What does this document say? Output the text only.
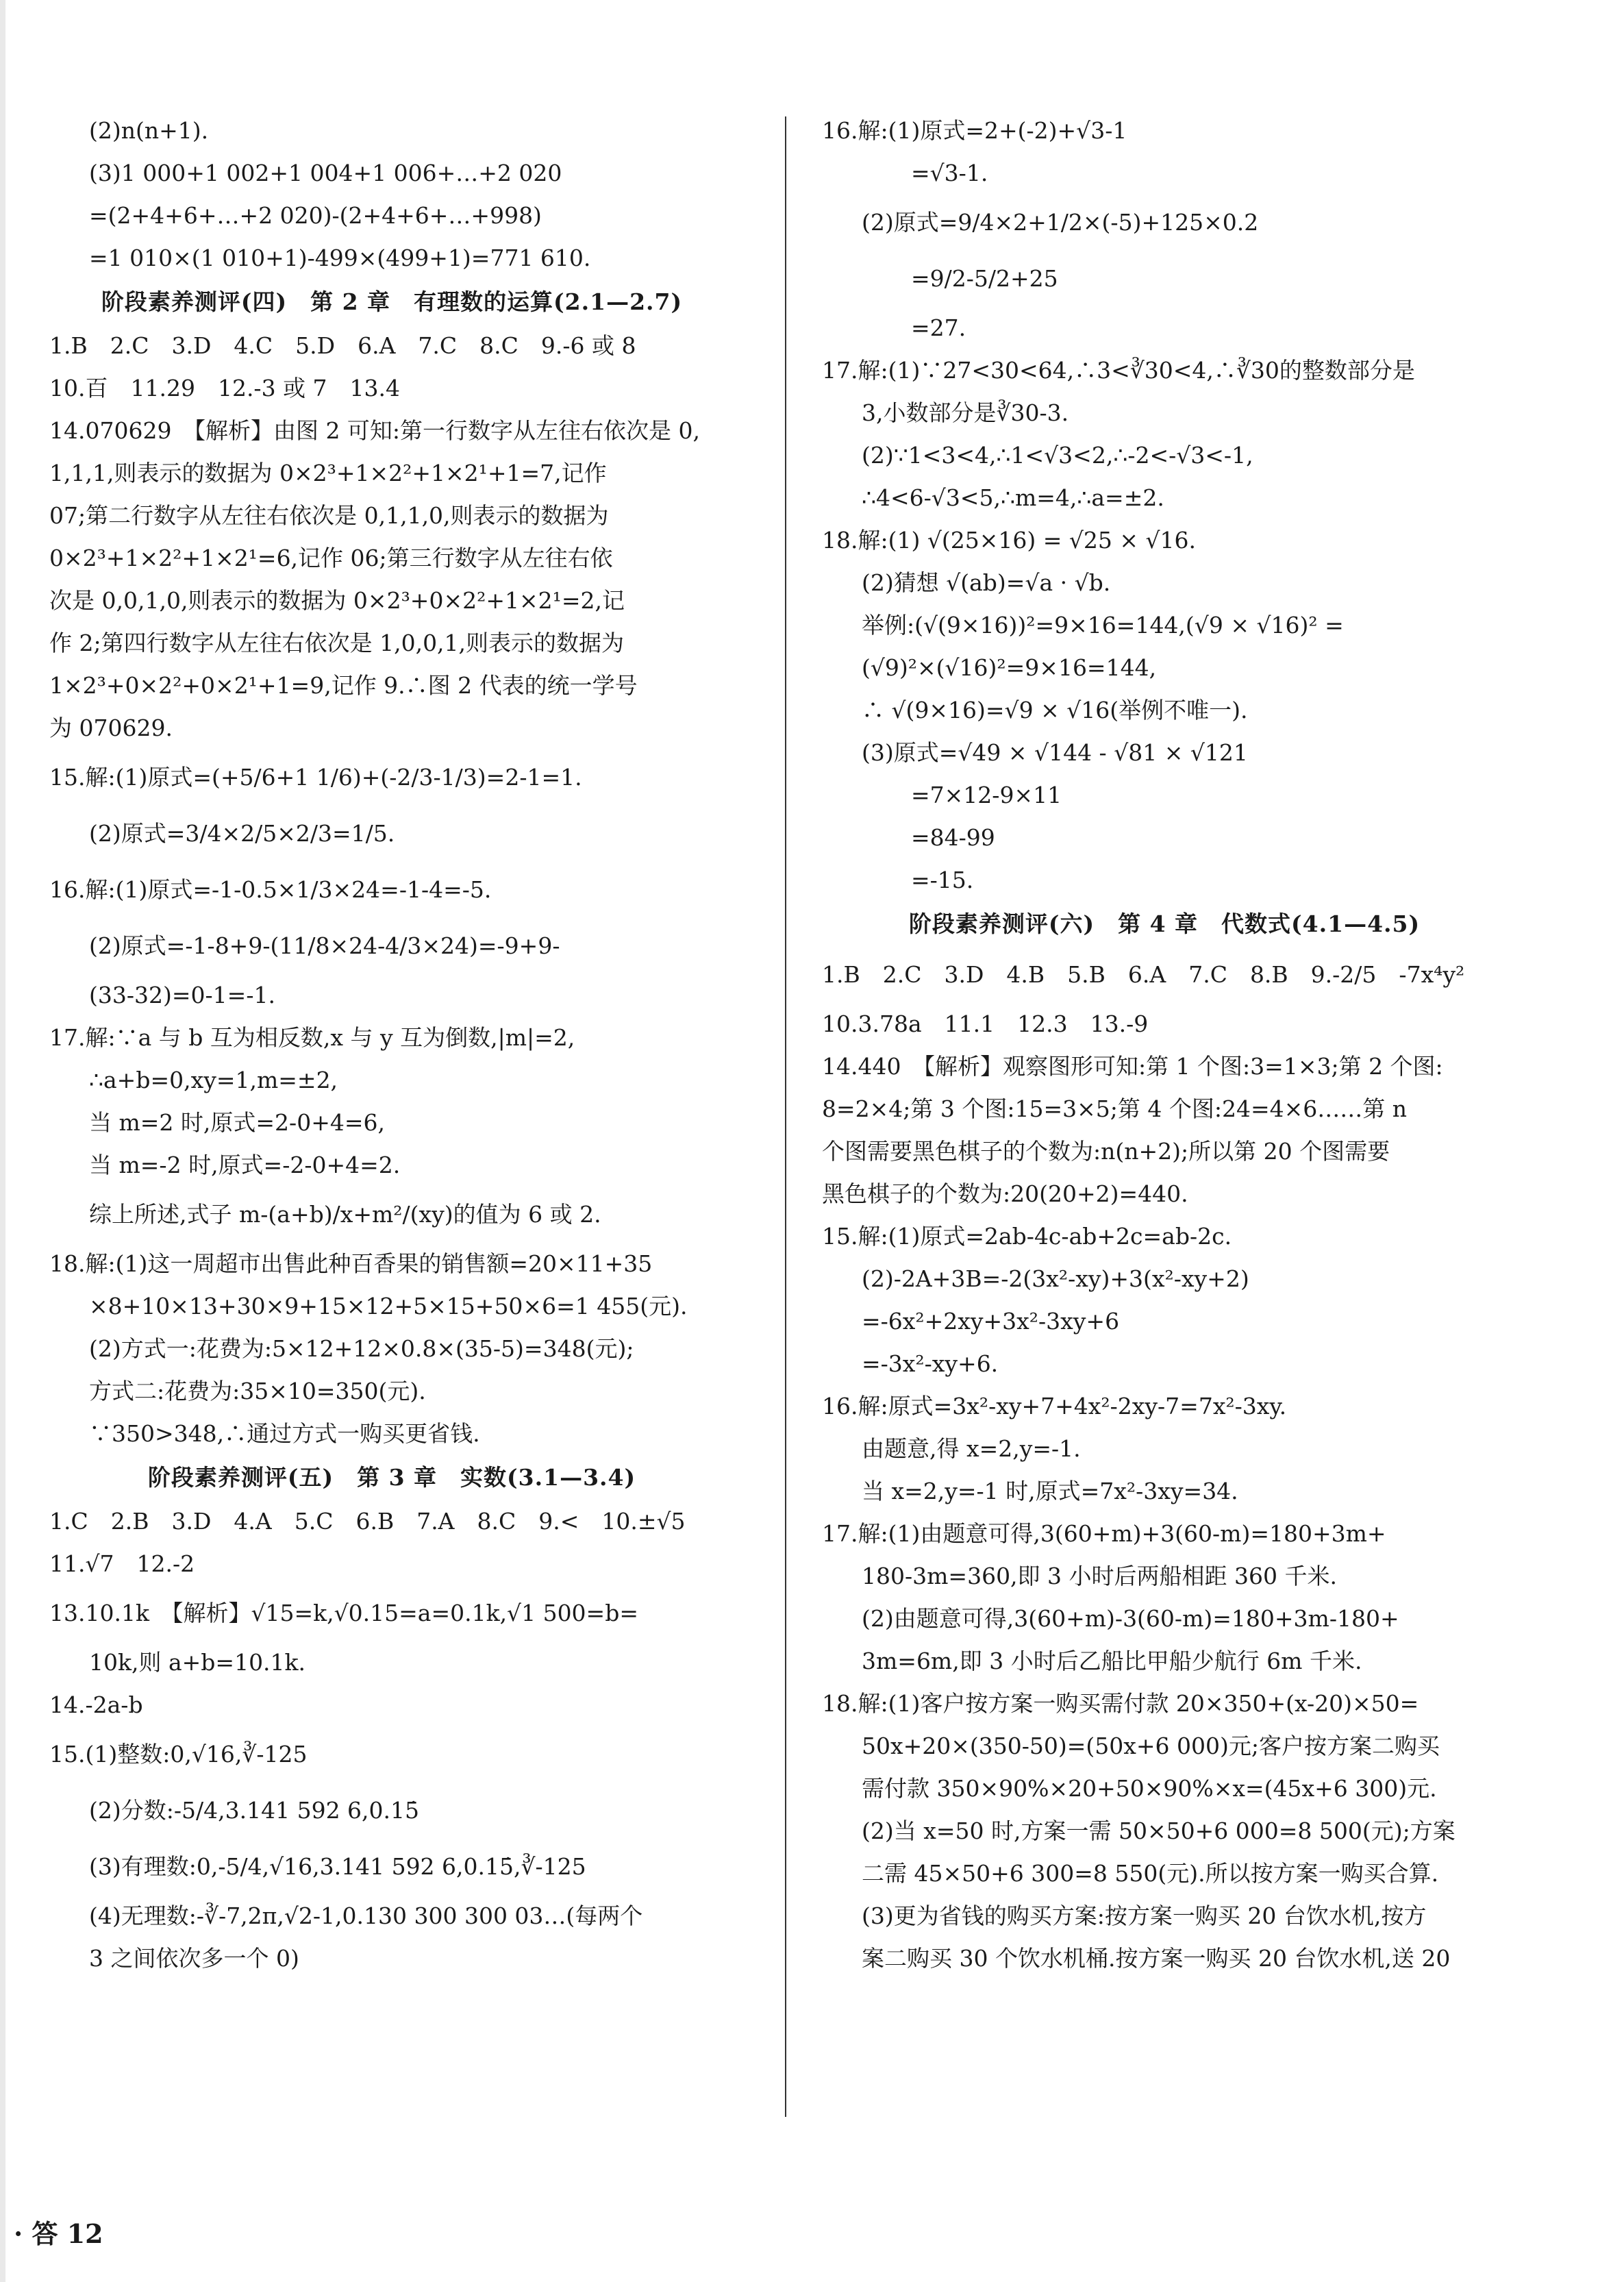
(2)n(n+1).
(3)1 000+1 002+1 004+1 006+…+2 020
=(2+4+6+…+2 020)-(2+4+6+…+998)
=1 010×(1 010+1)-499×(499+1)=771 610.
阶段素养测评(四)　第 2 章　有理数的运算(2.1—2.7)
1.B　2.C　3.D　4.C　5.D　6.A　7.C　8.C　9.-6 或 8
10.百　11.29　12.-3 或 7　13.4
14.070629　【解析】由图 2 可知:第一行数字从左往右依次是 0,
1,1,1,则表示的数据为 0×2³+1×2²+1×2¹+1=7,记作
07;第二行数字从左往右依次是 0,1,1,0,则表示的数据为
0×2³+1×2²+1×2¹=6,记作 06;第三行数字从左往右依
次是 0,0,1,0,则表示的数据为 0×2³+0×2²+1×2¹=2,记
作 2;第四行数字从左往右依次是 1,0,0,1,则表示的数据为
1×2³+0×2²+0×2¹+1=9,记作 9.∴图 2 代表的统一学号
为 070629.
15.解:(1)原式=(+5/6+1 1/6)+(-2/3-1/3)=2-1=1.
(2)原式=3/4×2/5×2/3=1/5.
16.解:(1)原式=-1-0.5×1/3×24=-1-4=-5.
(2)原式=-1-8+9-(11/8×24-4/3×24)=-9+9-
(33-32)=0-1=-1.
17.解:∵a 与 b 互为相反数,x 与 y 互为倒数,|m|=2,
∴a+b=0,xy=1,m=±2,
当 m=2 时,原式=2-0+4=6,
当 m=-2 时,原式=-2-0+4=2.
综上所述,式子 m-(a+b)/x+m²/(xy)的值为 6 或 2.
18.解:(1)这一周超市出售此种百香果的销售额=20×11+35
×8+10×13+30×9+15×12+5×15+50×6=1 455(元).
(2)方式一:花费为:5×12+12×0.8×(35-5)=348(元);
方式二:花费为:35×10=350(元).
∵350>348,∴通过方式一购买更省钱.
阶段素养测评(五)　第 3 章　实数(3.1—3.4)
1.C　2.B　3.D　4.A　5.C　6.B　7.A　8.C　9.<　10.±√5
11.√7　12.-2
13.10.1k　【解析】√15=k,√0.15=a=0.1k,√1 500=b=
10k,则 a+b=10.1k.
14.-2a-b
15.(1)整数:0,√16,∛-125
(2)分数:-5/4,3.141 592 6,0.15̇
(3)有理数:0,-5/4,√16,3.141 592 6,0.15̇,∛-125
(4)无理数:-∛-7,2π,√2-1,0.130 300 300 03…(每两个
3 之间依次多一个 0)
16.解:(1)原式=2+(-2)+√3-1
=√3-1.
(2)原式=9/4×2+1/2×(-5)+125×0.2
=9/2-5/2+25
=27.
17.解:(1)∵27<30<64,∴3<∛30<4,∴∛30的整数部分是
3,小数部分是∛30-3.
(2)∵1<3<4,∴1<√3<2,∴-2<-√3<-1,
∴4<6-√3<5,∴m=4,∴a=±2.
18.解:(1) √(25×16) = √25 × √16.
(2)猜想 √(ab)=√a · √b.
举例:(√(9×16))²=9×16=144,(√9 × √16)² =
(√9)²×(√16)²=9×16=144,
∴ √(9×16)=√9 × √16(举例不唯一).
(3)原式=√49 × √144 - √81 × √121
=7×12-9×11
=84-99
=-15.
阶段素养测评(六)　第 4 章　代数式(4.1—4.5)
1.B　2.C　3.D　4.B　5.B　6.A　7.C　8.B　9.-2/5　-7x⁴y²
10.3.78a　11.1　12.3　13.-9
14.440　【解析】观察图形可知:第 1 个图:3=1×3;第 2 个图:
8=2×4;第 3 个图:15=3×5;第 4 个图:24=4×6……第 n
个图需要黑色棋子的个数为:n(n+2);所以第 20 个图需要
黑色棋子的个数为:20(20+2)=440.
15.解:(1)原式=2ab-4c-ab+2c=ab-2c.
(2)-2A+3B=-2(3x²-xy)+3(x²-xy+2)
=-6x²+2xy+3x²-3xy+6
=-3x²-xy+6.
16.解:原式=3x²-xy+7+4x²-2xy-7=7x²-3xy.
由题意,得 x=2,y=-1.
当 x=2,y=-1 时,原式=7x²-3xy=34.
17.解:(1)由题意可得,3(60+m)+3(60-m)=180+3m+
180-3m=360,即 3 小时后两船相距 360 千米.
(2)由题意可得,3(60+m)-3(60-m)=180+3m-180+
3m=6m,即 3 小时后乙船比甲船少航行 6m 千米.
18.解:(1)客户按方案一购买需付款 20×350+(x-20)×50=
50x+20×(350-50)=(50x+6 000)元;客户按方案二购买
需付款 350×90%×20+50×90%×x=(45x+6 300)元.
(2)当 x=50 时,方案一需 50×50+6 000=8 500(元);方案
二需 45×50+6 300=8 550(元).所以按方案一购买合算.
(3)更为省钱的购买方案:按方案一购买 20 台饮水机,按方
案二购买 30 个饮水机桶.按方案一购买 20 台饮水机,送 20
· 答 12
